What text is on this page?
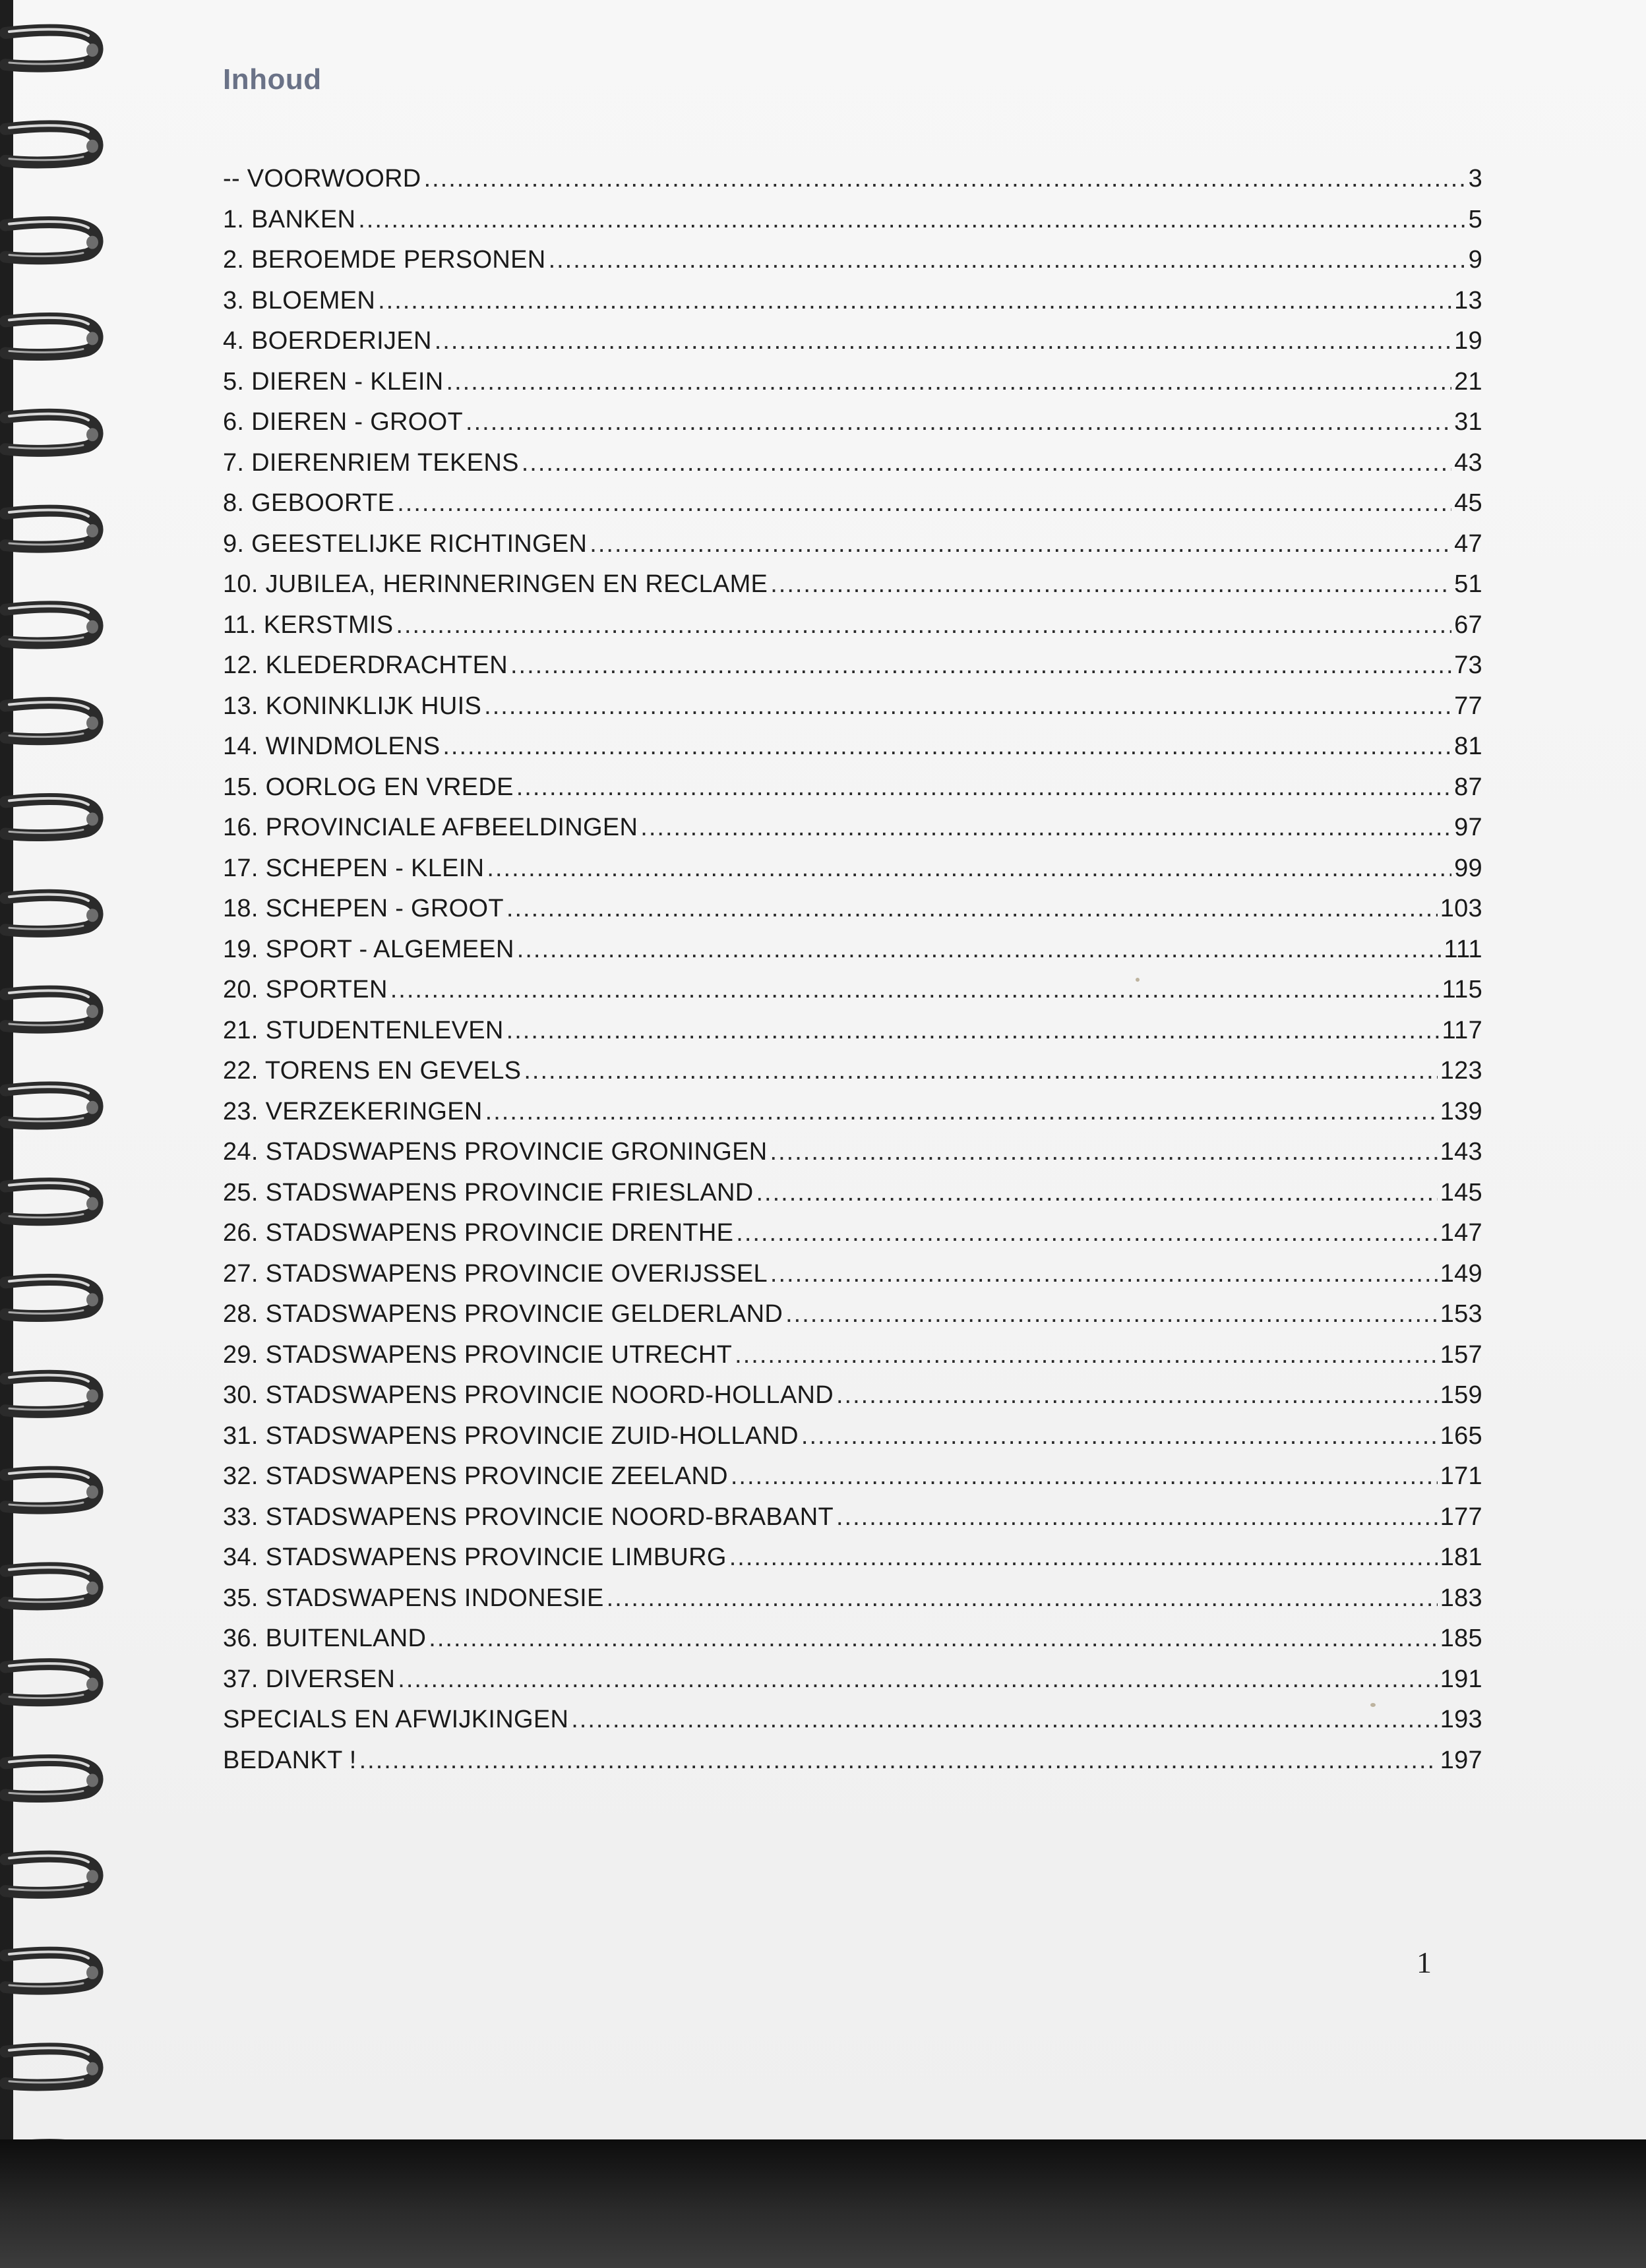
Inhoud
-- VOORWOORD .....	3
1. BANKEN .....	5
2. BEROEMDE PERSONEN .....	9
3. BLOEMEN .....	13
4. BOERDERIJEN .....	19
5. DIEREN - KLEIN .....	21
6. DIEREN - GROOT .....	31
7. DIERENRIEM TEKENS .....	43
8. GEBOORTE .....	45
9. GEESTELIJKE RICHTINGEN .....	47
10. JUBILEA, HERINNERINGEN EN RECLAME .....	51
11. KERSTMIS .....	67
12. KLEDERDRACHTEN .....	73
13. KONINKLIJK HUIS .....	77
14. WINDMOLENS .....	81
15. OORLOG EN VREDE .....	87
16. PROVINCIALE AFBEELDINGEN .....	97
17. SCHEPEN - KLEIN .....	99
18. SCHEPEN - GROOT .....	103
19. SPORT - ALGEMEEN .....	111
20. SPORTEN .....	115
21. STUDENTENLEVEN .....	117
22. TORENS EN GEVELS .....	123
23. VERZEKERINGEN .....	139
24. STADSWAPENS PROVINCIE GRONINGEN .....	143
25. STADSWAPENS PROVINCIE FRIESLAND .....	145
26. STADSWAPENS PROVINCIE DRENTHE .....	147
27. STADSWAPENS PROVINCIE OVERIJSSEL .....	149
28. STADSWAPENS PROVINCIE GELDERLAND .....	153
29. STADSWAPENS PROVINCIE UTRECHT .....	157
30. STADSWAPENS PROVINCIE NOORD-HOLLAND .....	159
31. STADSWAPENS PROVINCIE ZUID-HOLLAND .....	165
32. STADSWAPENS PROVINCIE ZEELAND .....	171
33. STADSWAPENS PROVINCIE NOORD-BRABANT .....	177
34. STADSWAPENS PROVINCIE LIMBURG .....	181
35. STADSWAPENS INDONESIE .....	183
36. BUITENLAND .....	185
37. DIVERSEN .....	191
SPECIALS EN AFWIJKINGEN .....	193
BEDANKT ! .....	197

1
